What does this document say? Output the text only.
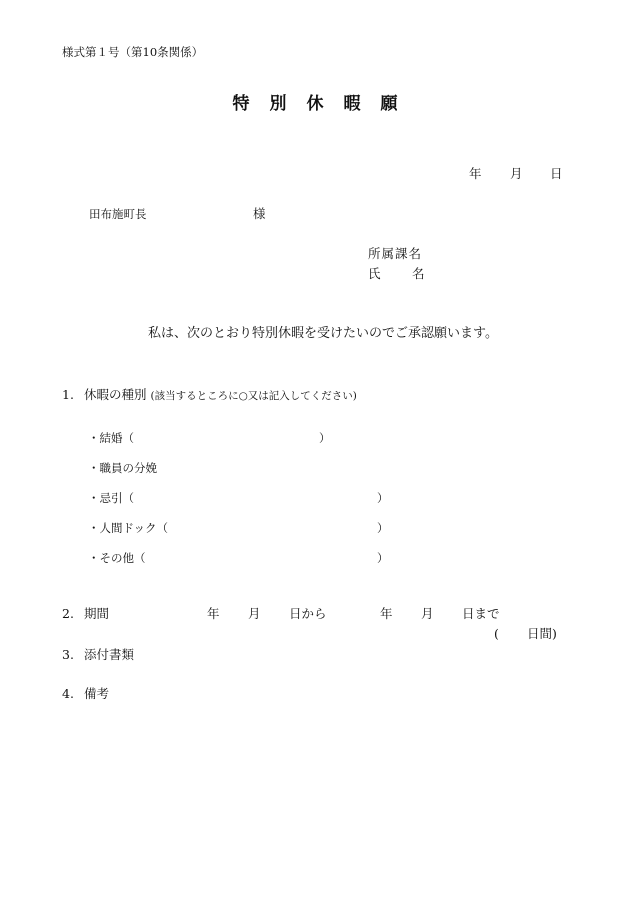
様式第１号（第10条関係）
特別休暇願
年 月 日
田布施町長	様
所属課名
氏	名
私は、次のとおり特別休暇を受けたいのでご承認願います。
1. 休暇の種別 (該当するところに○又は記入してください)
・結婚（	）
・職員の分娩
・忌引（	）
・人間ドック（	）
・その他（	）
2. 期間	年 月 日から	年 月 日まで
( 日間)
3. 添付書類
4. 備考
